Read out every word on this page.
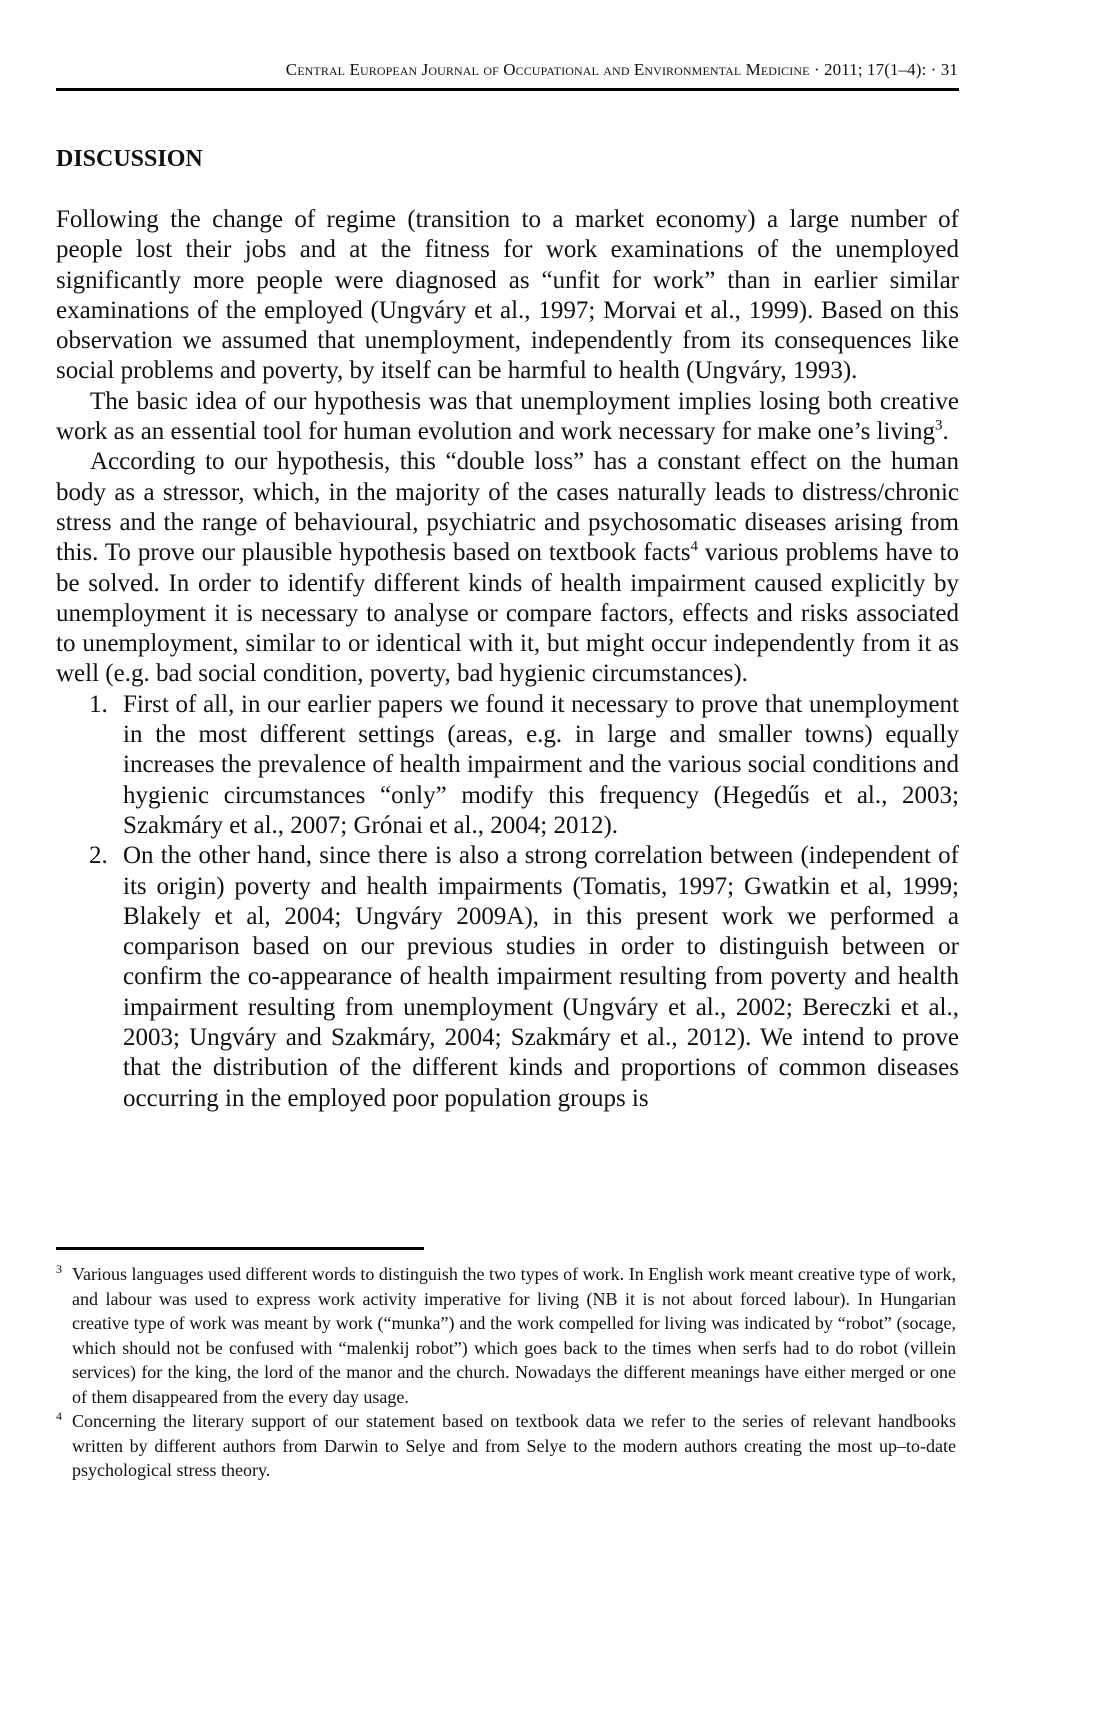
Central European Journal of Occupational and Environmental Medicine · 2011; 17(1–4): · 31
DISCUSSION

Following the change of regime (transition to a market economy) a large number of people lost their jobs and at the fitness for work examinations of the unemployed significantly more people were diagnosed as “unfit for work” than in earlier similar examinations of the employed (Ungváry et al., 1997; Morvai et al., 1999). Based on this observation we assumed that unemployment, independently from its consequences like social problems and poverty, by itself can be harmful to health (Ungváry, 1993).

The basic idea of our hypothesis was that unemployment implies losing both creative work as an essential tool for human evolution and work necessary for make one’s living$^3$.

According to our hypothesis, this “double loss” has a constant effect on the human body as a stressor, which, in the majority of the cases naturally leads to distress/chronic stress and the range of behavioural, psychiatric and psychosomatic diseases arising from this. To prove our plausible hypothesis based on textbook facts$^4$ various problems have to be solved. In order to identify different kinds of health impairment caused explicitly by unemployment it is necessary to analyse or compare factors, effects and risks associated to unemployment, similar to or identical with it, but might occur independently from it as well (e.g. bad social condition, poverty, bad hygienic circumstances).

1. First of all, in our earlier papers we found it necessary to prove that unemployment in the most different settings (areas, e.g. in large and smaller towns) equally increases the prevalence of health impairment and the various social conditions and hygienic circumstances “only” modify this frequency (Hegedűs et al., 2003; Szakmáry et al., 2007; Grónai et al., 2004; 2012).
2. On the other hand, since there is also a strong correlation between (independent of its origin) poverty and health impairments (Tomatis, 1997; Gwatkin et al, 1999; Blakely et al, 2004; Ungváry 2009A), in this present work we performed a comparison based on our previous studies in order to distinguish between or confirm the co-appearance of health impairment resulting from poverty and health impairment resulting from unemployment (Ungváry et al., 2002; Bereczki et al., 2003; Ungváry and Szakmáry, 2004; Szakmáry et al., 2012). We intend to prove that the distribution of the different kinds and proportions of common diseases occurring in the employed poor population groups is
3 Various languages used different words to distinguish the two types of work. In English work meant creative type of work, and labour was used to express work activity imperative for living (NB it is not about forced labour). In Hungarian creative type of work was meant by work (“munka”) and the work compelled for living was indicated by “robot” (socage, which should not be confused with “malenkij robot”) which goes back to the times when serfs had to do robot (villein services) for the king, the lord of the manor and the church. Nowadays the different meanings have either merged or one of them disappeared from the every day usage.
4 Concerning the literary support of our statement based on textbook data we refer to the series of relevant handbooks written by different authors from Darwin to Selye and from Selye to the modern authors creating the most up–to-date psychological stress theory.
